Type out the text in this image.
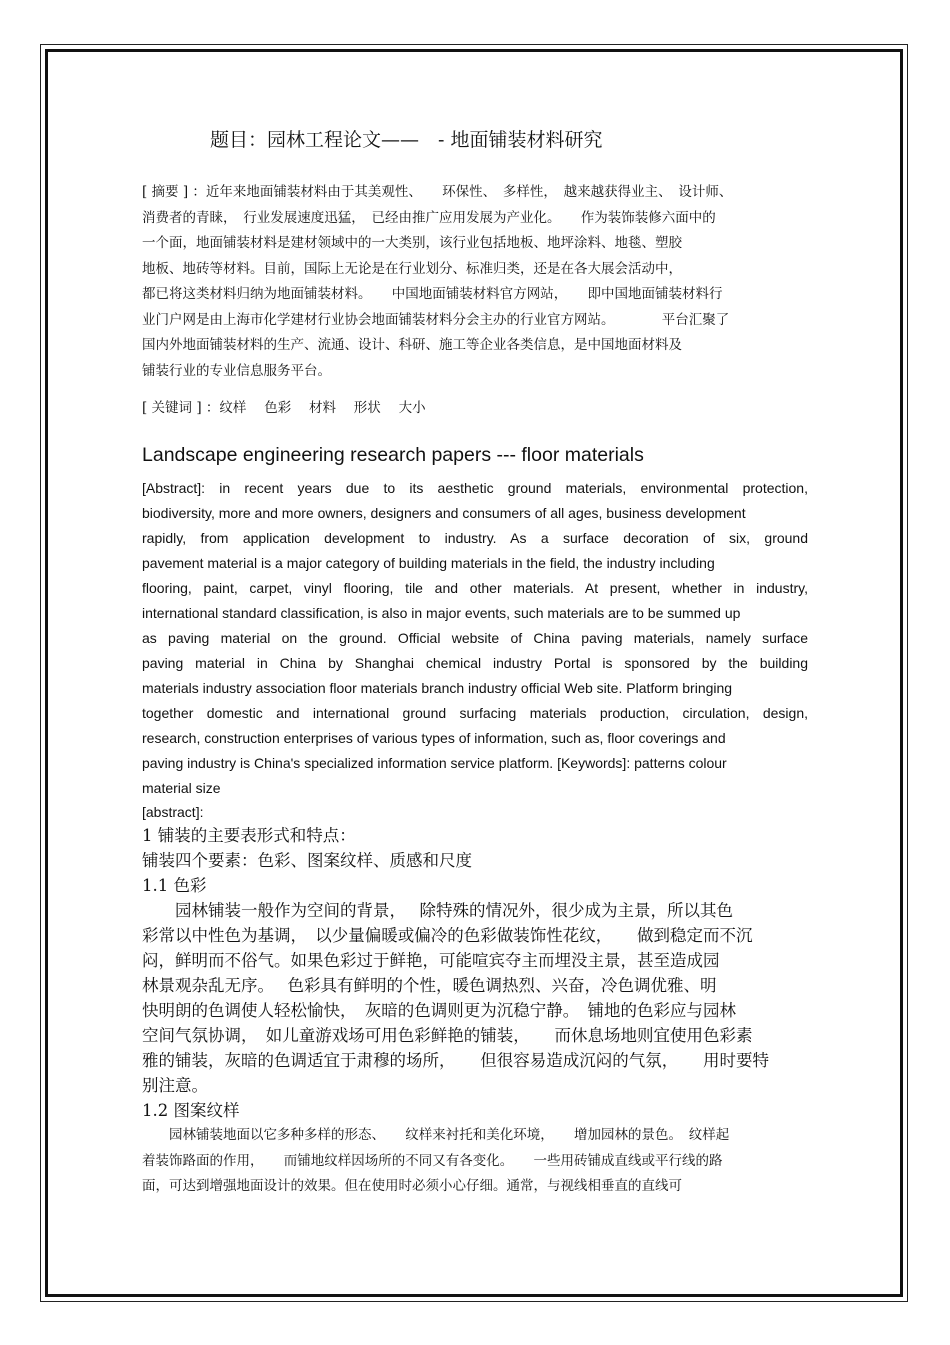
题目：园林工程论文——　- 地面铺装材料研究
[ 摘要 ] ：近年来地面铺装材料由于其美观性、　　环保性、　多样性，　越来越获得业主、　设计师、
消费者的青睐，　行业发展速度迅猛，　已经由推广应用发展为产业化。　　作为装饰装修六面中的
一个面，地面铺装材料是建材领域中的一大类别，该行业包括地板、地坪涂料、地毯、塑胶
地板、地砖等材料。目前，国际上无论是在行业划分、标准归类，还是在各大展会活动中，
都已将这类材料归纳为地面铺装材料。　　中国地面铺装材料官方网站，　　即中国地面铺装材料行
业门户网是由上海市化学建材行业协会地面铺装材料分会主办的行业官方网站。　　　　平台汇聚了
国内外地面铺装材料的生产、流通、设计、科研、施工等企业各类信息，是中国地面材料及
铺装行业的专业信息服务平台。
[ 关键词 ] ：纹样　 色彩　 材料　 形状　 大小
Landscape engineering research papers --- floor materials
[Abstract]: in recent years due to its aesthetic ground materials, environmental protection,
biodiversity, more and more owners, designers and consumers of all ages, business development
rapidly, from application development to industry. As a surface decoration of six, ground
pavement material is a major category of building materials in the field, the industry including
flooring, paint, carpet, vinyl flooring, tile and other materials. At present, whether in industry,
international standard classification, is also in major events, such materials are to be summed up
as paving material on the ground. Official website of China paving materials, namely surface
paving material in China by Shanghai chemical industry Portal is sponsored by the building
materials industry association floor materials branch industry official Web site. Platform bringing
together domestic and international ground surfacing materials production, circulation, design,
research, construction enterprises of various types of information, such as, floor coverings and
paving industry is China's specialized information service platform. [Keywords]: patterns colour
material size
[abstract]:
1 铺装的主要表形式和特点：
铺装四个要素：色彩、图案纹样、质感和尺度
1.1 色彩
　　园林铺装一般作为空间的背景，　 除特殊的情况外，很少成为主景，所以其色
彩常以中性色为基调，　以少量偏暖或偏冷的色彩做装饰性花纹，　　做到稳定而不沉
闷，鲜明而不俗气。如果色彩过于鲜艳，可能喧宾夺主而埋没主景，甚至造成园
林景观杂乱无序。　 色彩具有鲜明的个性，暖色调热烈、兴奋，冷色调优雅、明
快明朗的色调使人轻松愉快，　灰暗的色调则更为沉稳宁静。　铺地的色彩应与园林
空间气氛协调，　如儿童游戏场可用色彩鲜艳的铺装，　　而休息场地则宜使用色彩素
雅的铺装，灰暗的色调适宜于肃穆的场所，　　但很容易造成沉闷的气氛，　　用时要特
别注意。
1.2 图案纹样
　　园林铺装地面以它多种多样的形态、　　纹样来衬托和美化环境，　　增加园林的景色。　纹样起
着装饰路面的作用，　　而铺地纹样因场所的不同又有各变化。　　一些用砖铺成直线或平行线的路
面，可达到增强地面设计的效果。但在使用时必须小心仔细。通常，与视线相垂直的直线可
